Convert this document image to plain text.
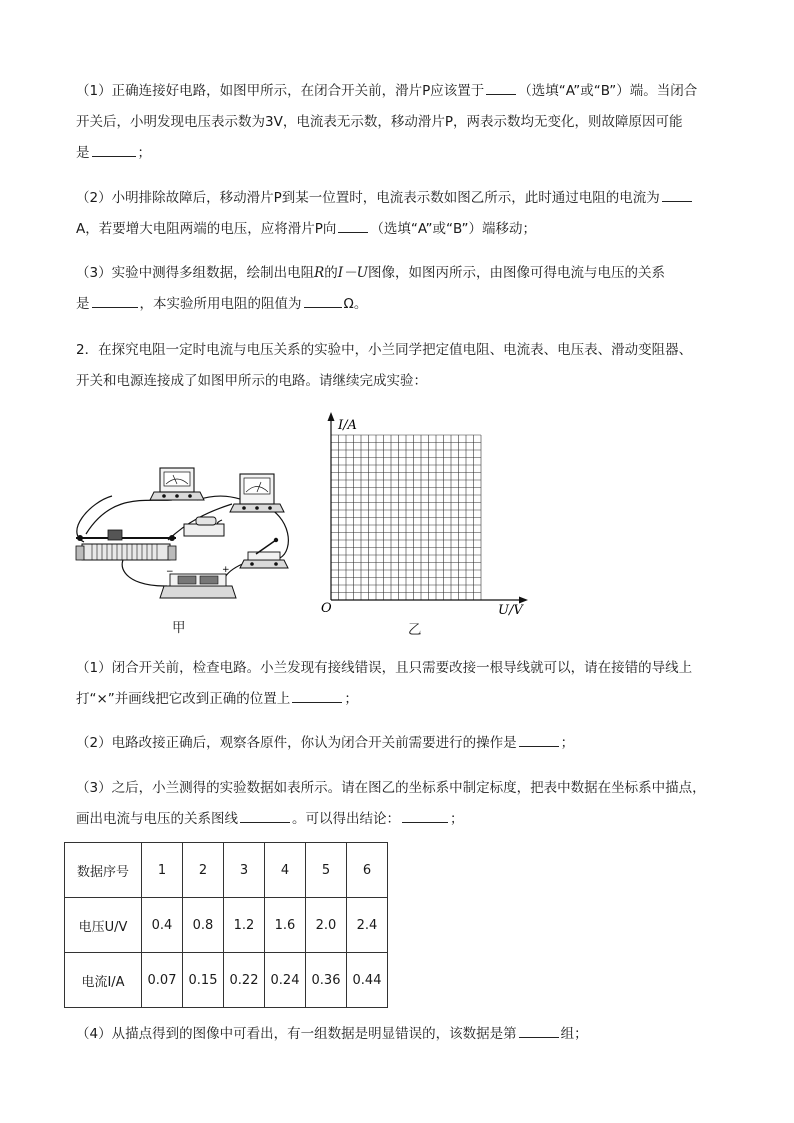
（1）正确连接好电路，如图甲所示，在闭合开关前，滑片P应该置于	（选填“A”或“B”）端。当闭合
开关后，小明发现电压表示数为3V，电流表无示数，移动滑片P，两表示数均无变化，则故障原因可能
是	；

（2）小明排除故障后，移动滑片P到某一位置时，电流表示数如图乙所示，此时通过电阻的电流为
A，若要增大电阻两端的电压，应将滑片P向	（选填“A”或“B”）端移动；

（3）实验中测得多组数据，绘制出电阻R的I－U图像，如图丙所示，由图像可得电流与电压的关系
是	，本实验所用电阻的阻值为	Ω。

2．在探究电阻一定时电流与电压关系的实验中，小兰同学把定值电阻、电流表、电压表、滑动变阻器、
开关和电源连接成了如图甲所示的电路。请继续完成实验：

−	+
甲
I/A
O	U/V
乙

（1）闭合开关前，检查电路。小兰发现有接线错误，且只需要改接一根导线就可以，请在接错的导线上
打“×”并画线把它改到正确的位置上	；

（2）电路改接正确后，观察各原件，你认为闭合开关前需要进行的操作是	；

（3）之后，小兰测得的实验数据如表所示。请在图乙的坐标系中制定标度，把表中数据在坐标系中描点，
画出电流与电压的关系图线	。可以得出结论：	；

数据序号	1	2	3	4	5	6
电压U/V	0.4	0.8	1.2	1.6	2.0	2.4
电流I/A	0.07	0.15	0.22	0.24	0.36	0.44

（4）从描点得到的图像中可看出，有一组数据是明显错误的，该数据是第	组；
